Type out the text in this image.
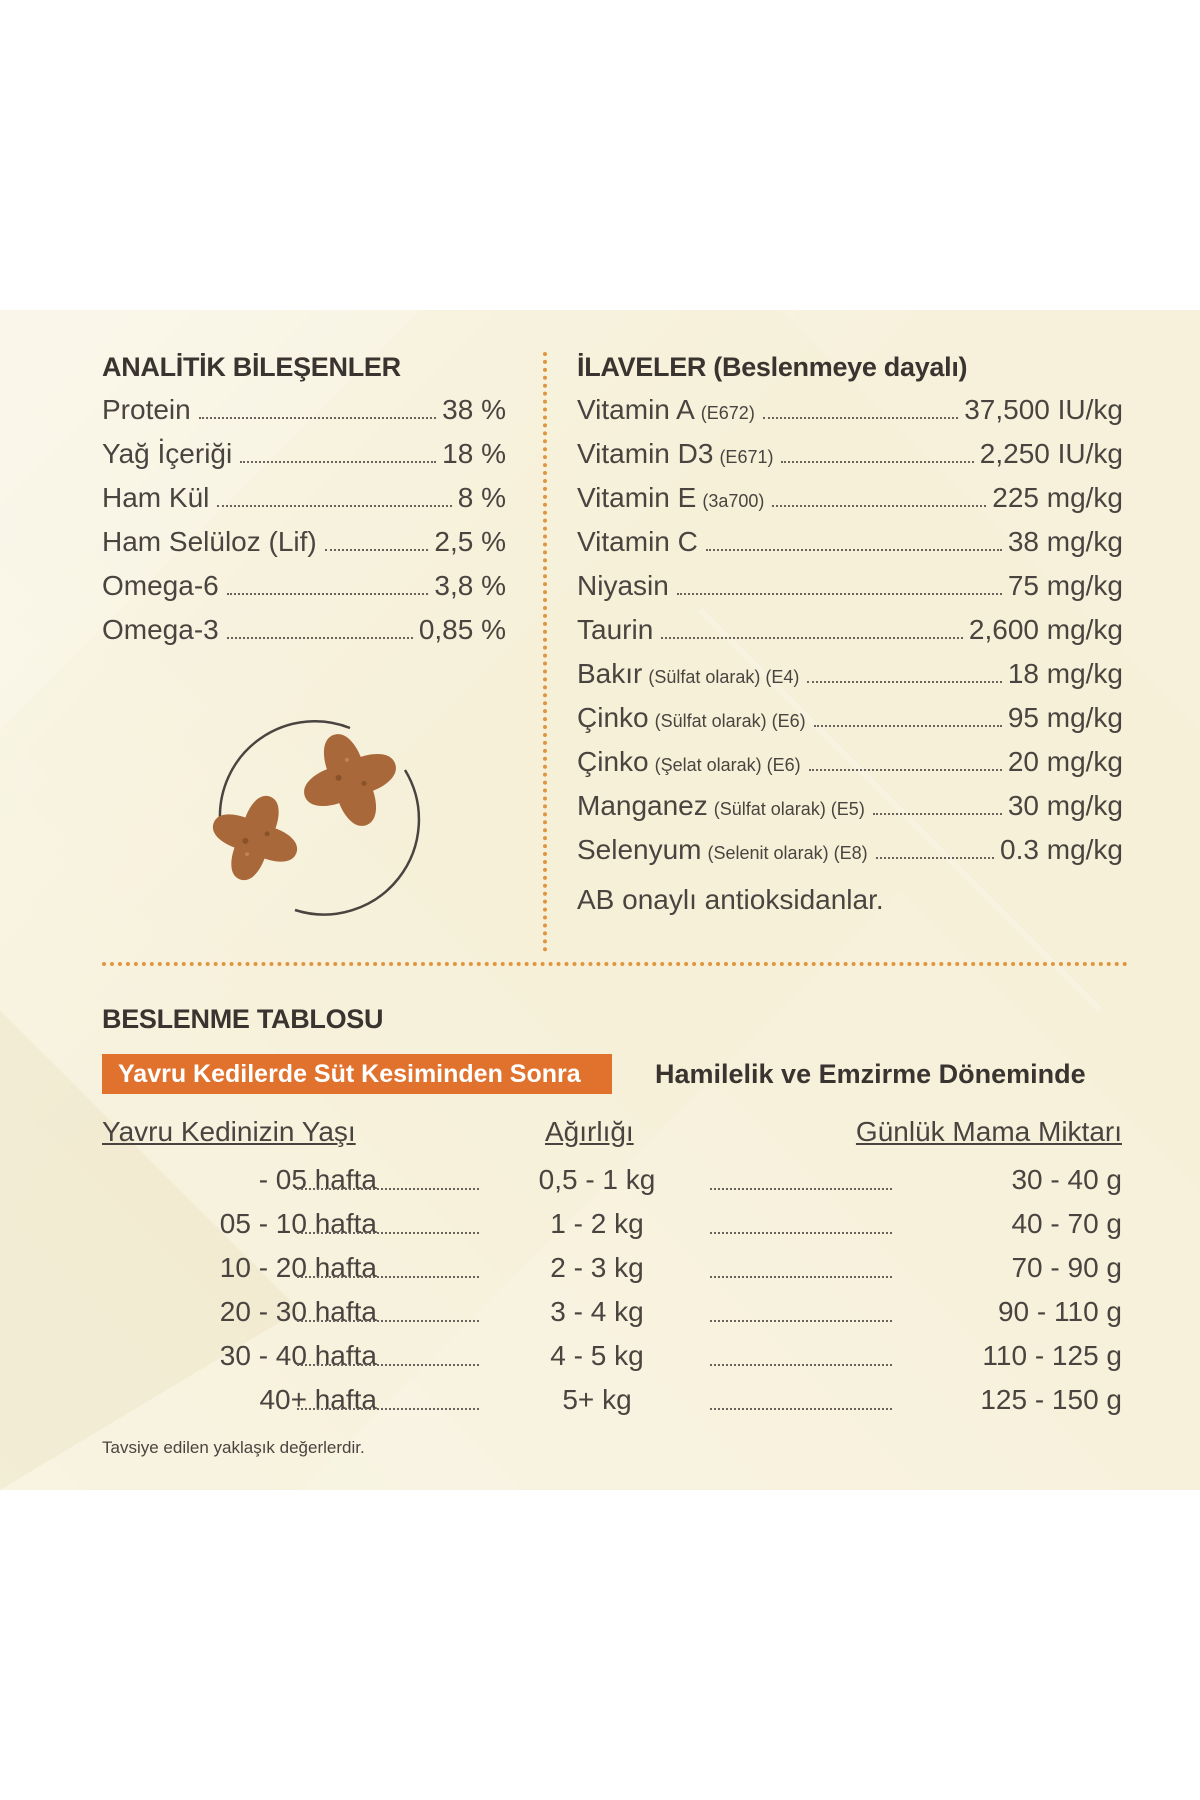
ANALİTİK BİLEŞENLER
Protein	38 %
Yağ İçeriği	18 %
Ham Kül	8 %
Ham Selüloz (Lif)	2,5 %
Omega-6	3,8 %
Omega-3	0,85 %
İLAVELER (Beslenmeye dayalı)
Vitamin A (E672)	37,500 IU/kg
Vitamin D3 (E671)	2,250 IU/kg
Vitamin E (3a700)	225 mg/kg
Vitamin C	38 mg/kg
Niyasin	75 mg/kg
Taurin	2,600 mg/kg
Bakır (Sülfat olarak) (E4)	18 mg/kg
Çinko (Sülfat olarak) (E6)	95 mg/kg
Çinko (Şelat olarak) (E6)	20 mg/kg
Manganez (Sülfat olarak) (E5)	30 mg/kg
Selenyum (Selenit olarak) (E8)	0.3 mg/kg
AB onaylı antioksidanlar.
BESLENME TABLOSU
Yavru Kedilerde Süt Kesiminden Sonra	Hamilelik ve Emzirme Döneminde
Yavru Kedinizin Yaşı	Ağırlığı	Günlük Mama Miktarı
- 05 hafta	0,5 - 1 kg	30 - 40 g
05 - 10 hafta	1 - 2 kg	40 - 70 g
10 - 20 hafta	2 - 3 kg	70 - 90 g
20 - 30 hafta	3 - 4 kg	90 - 110 g
30 - 40 hafta	4 - 5 kg	110 - 125 g
40+ hafta	5+ kg	125 - 150 g
Tavsiye edilen yaklaşık değerlerdir.
